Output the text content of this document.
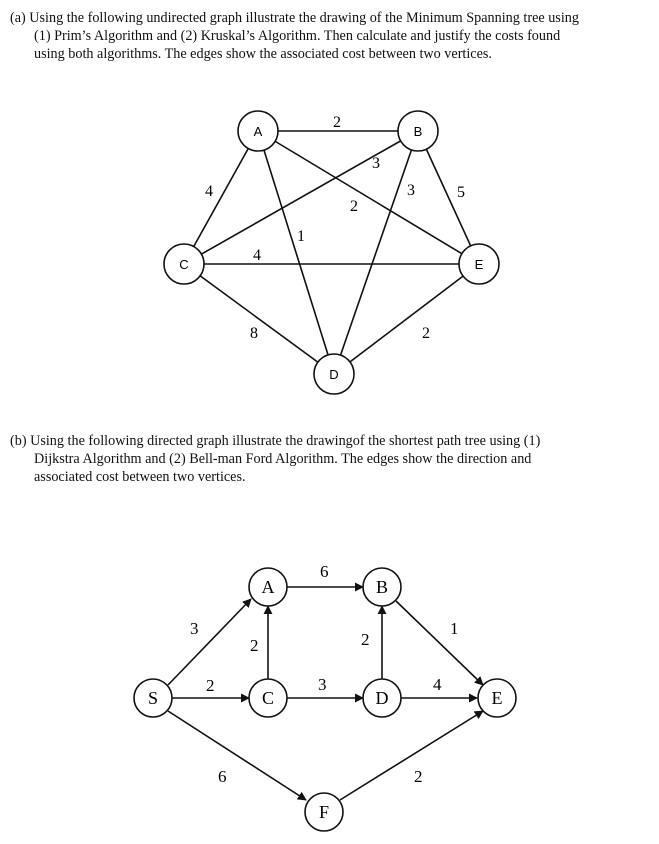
(a) Using the following undirected graph illustrate the drawing of the Minimum Spanning tree using
(1) Prim’s Algorithm and (2) Kruskal’s Algorithm. Then calculate and justify the costs found
using both algorithms. The edges show the associated cost between two vertices.
(b) Using the following directed graph illustrate the drawingof the shortest path tree using (1)
Dijkstra Algorithm and (2) Bell-man Ford Algorithm. The edges show the direction and
associated cost between two vertices.
2
4
1
2
3
3	5
4
8	2
A	B
C
D
E
3
2
6
2
6
3
2
1
4
2
S
A	B
C	D	E
F
